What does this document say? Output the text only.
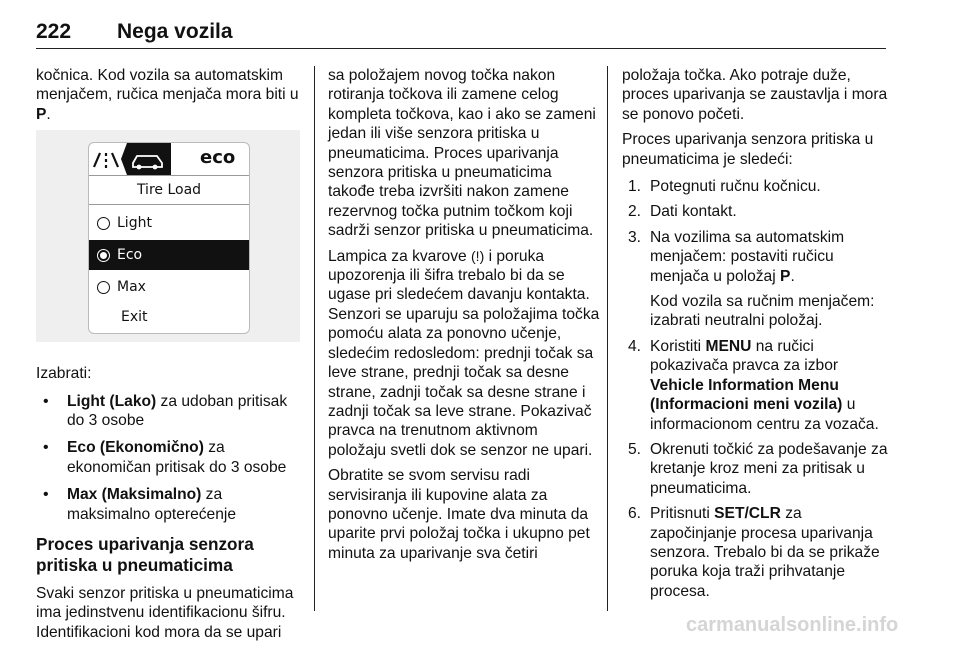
222 Nega vozila

kočnica. Kod vozila sa automatskim menjačem, ručica menjača mora biti u P.

eco
Tire Load
Light
Eco
Max
Exit

Izabrati:

• Light (Lako) za udoban pritisak do 3 osobe
• Eco (Ekonomično) za ekonomičan pritisak do 3 osobe
• Max (Maksimalno) za maksimalno opterećenje
Proces uparivanja senzora pritiska u pneumaticima

Svaki senzor pritiska u pneumaticima ima jedinstvenu identifikacionu šifru. Identifikacioni kod mora da se upari

sa položajem novog točka nakon rotiranja točkova ili zamene celog kompleta točkova, kao i ako se zameni jedan ili više senzora pritiska u pneumaticima. Proces uparivanja senzora pritiska u pneumaticima takođe treba izvršiti nakon zamene rezervnog točka putnim točkom koji sadrži senzor pritiska u pneumaticima.

Lampica za kvarove (!) i poruka upozorenja ili šifra trebalo bi da se ugase pri sledećem davanju kontakta. Senzori se uparuju sa položajima točka pomoću alata za ponovno učenje, sledećim redosledom: prednji točak sa leve strane, prednji točak sa desne strane, zadnji točak sa desne strane i zadnji točak sa leve strane. Pokazivač pravca na trenutnom aktivnom položaju svetli dok se senzor ne upari.

Obratite se svom servisu radi servisiranja ili kupovine alata za ponovno učenje. Imate dva minuta da uparite prvi položaj točka i ukupno pet minuta za uparivanje sva četiri

položaja točka. Ako potraje duže, proces uparivanja se zaustavlja i mora se ponovo početi.

Proces uparivanja senzora pritiska u pneumaticima je sledeći:

1. Potegnuti ručnu kočnicu.
2. Dati kontakt.
3. Na vozilima sa automatskim menjačem: postaviti ručicu menjača u položaj P.
Kod vozila sa ručnim menjačem: izabrati neutralni položaj.
4. Koristiti MENU na ručici pokazivača pravca za izbor Vehicle Information Menu (Informacioni meni vozila) u informacionom centru za vozača.
5. Okrenuti točkić za podešavanje za kretanje kroz meni za pritisak u pneumaticima.
6. Pritisnuti SET/CLR za započinjanje procesa uparivanja senzora. Trebalo bi da se prikaže poruka koja traži prihvatanje procesa.
carmanualsonline.info
